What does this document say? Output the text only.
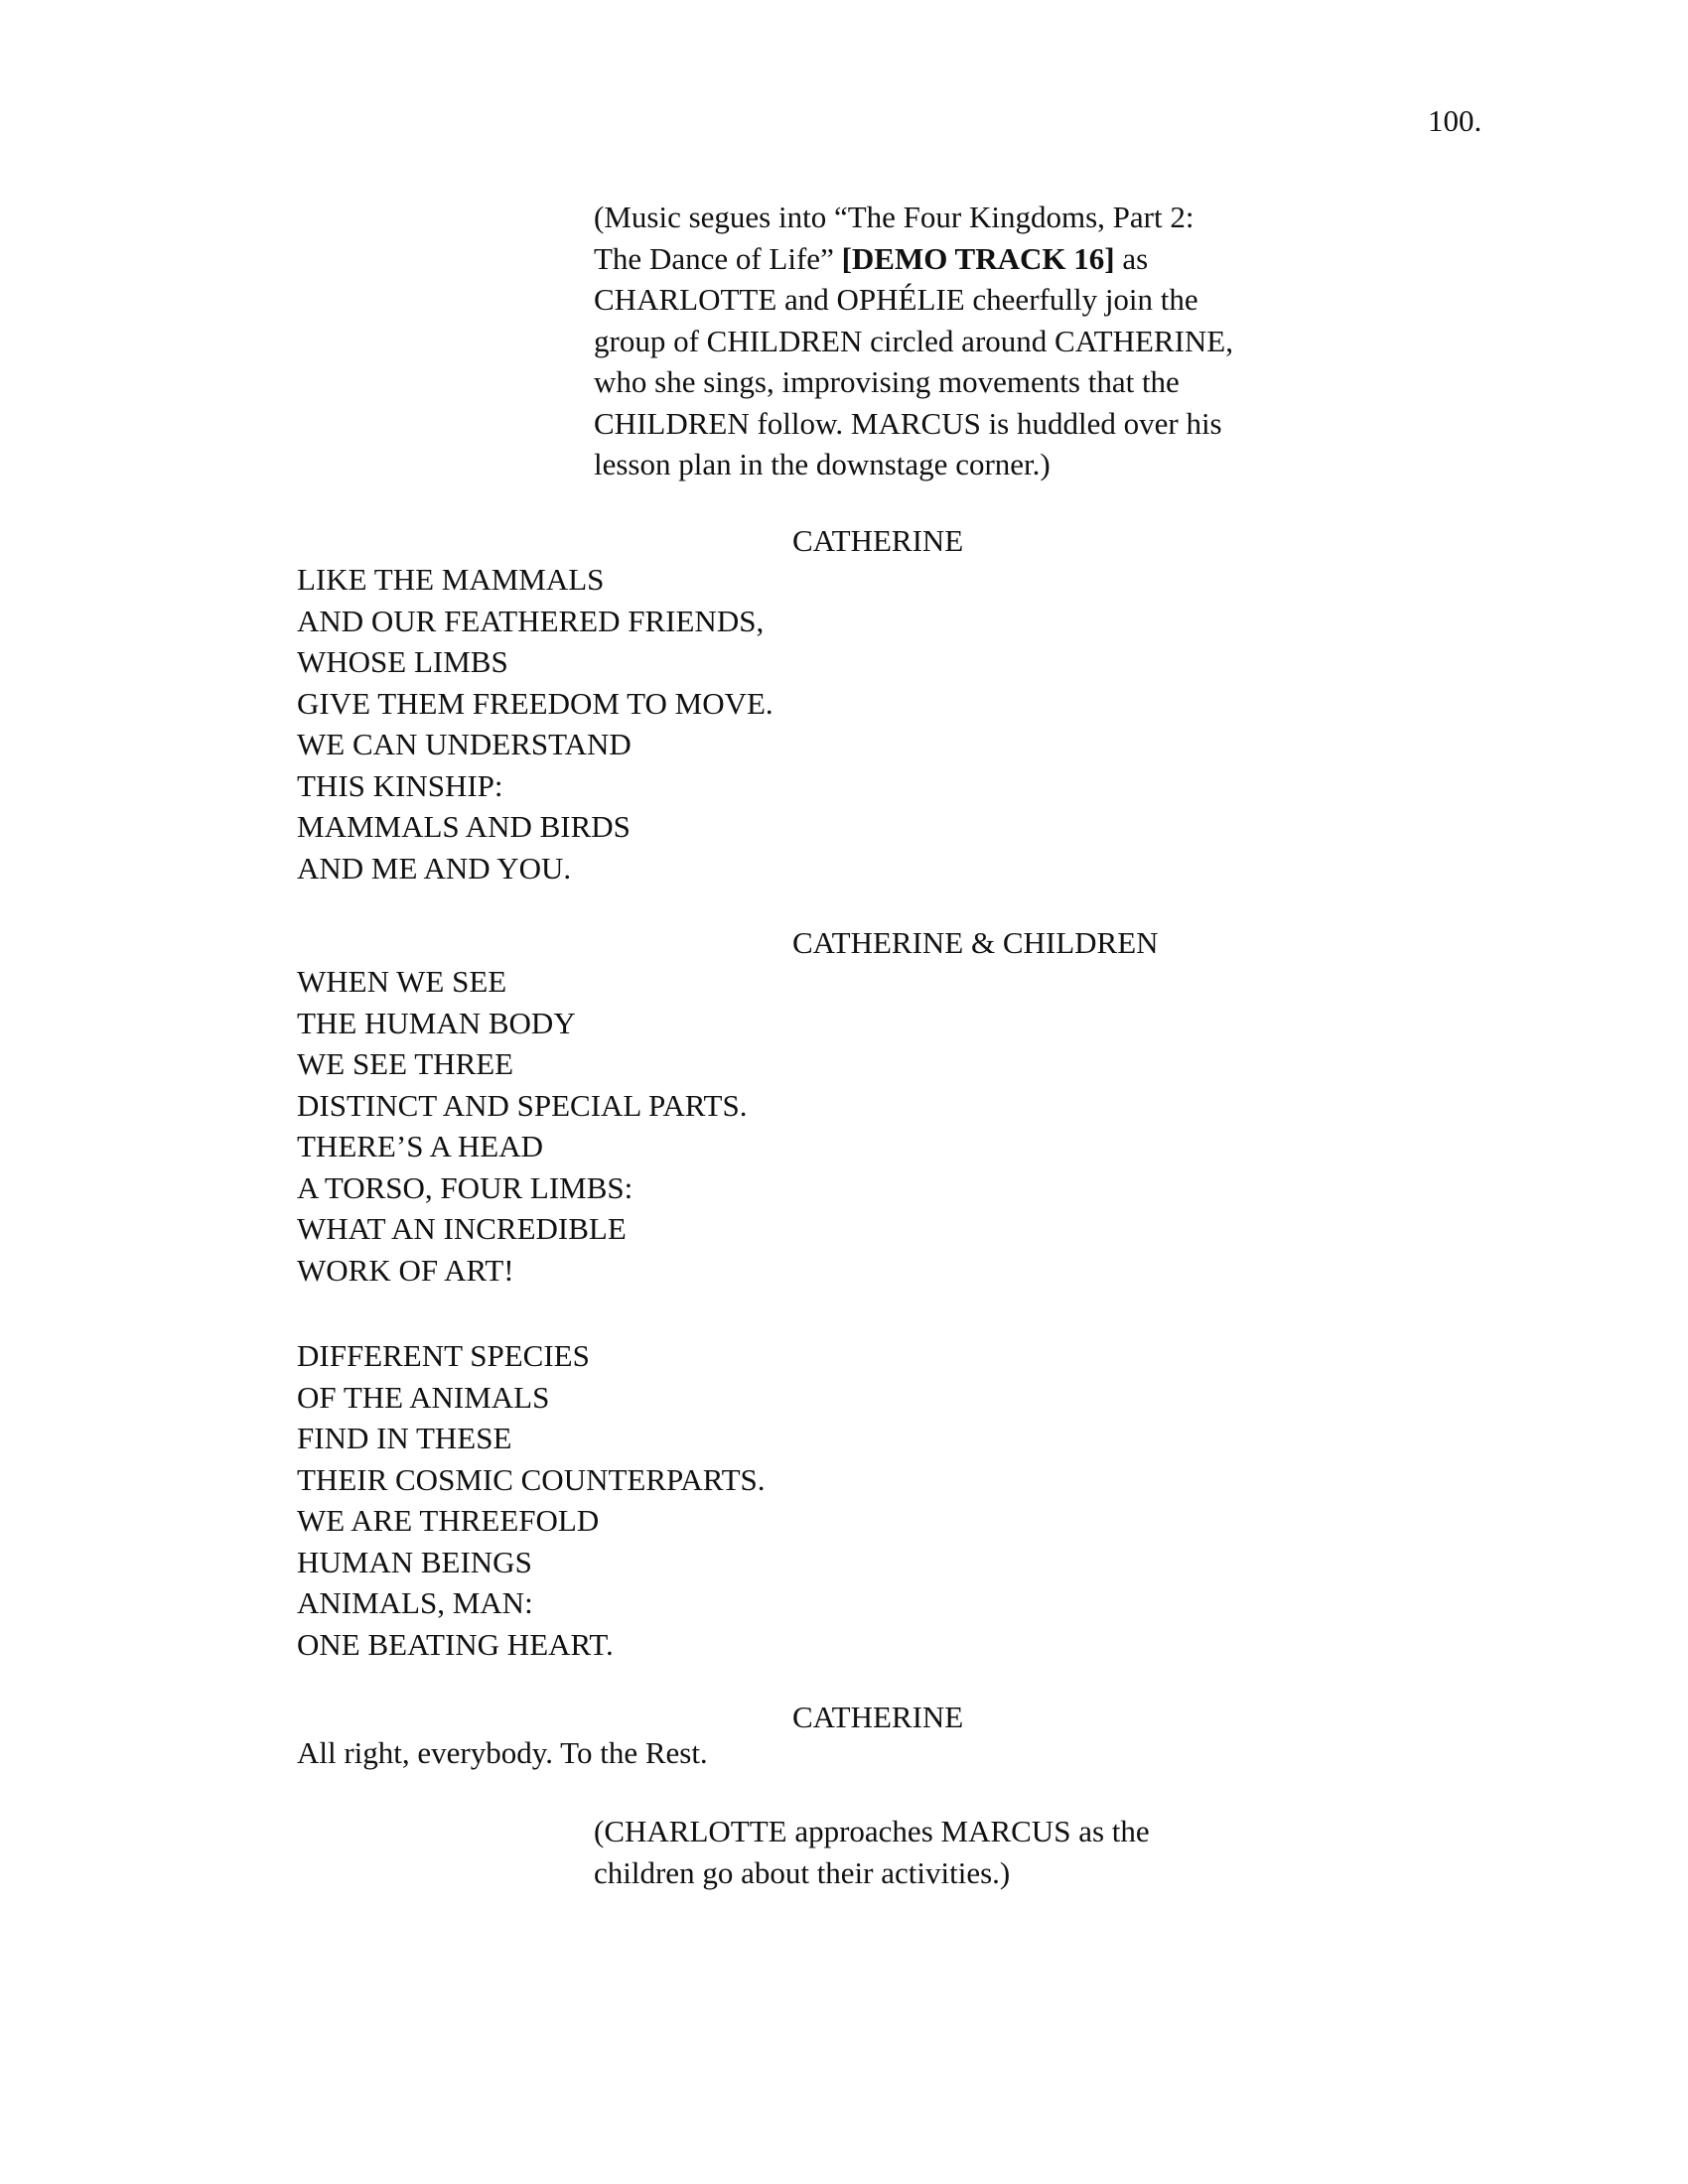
100.
(Music segues into “The Four Kingdoms, Part 2:
The Dance of Life” [DEMO TRACK 16] as
CHARLOTTE and OPHÉLIE cheerfully join the
group of CHILDREN circled around CATHERINE,
who she sings, improvising movements that the
CHILDREN follow. MARCUS is huddled over his
lesson plan in the downstage corner.)
CATHERINE
LIKE THE MAMMALS
AND OUR FEATHERED FRIENDS,
WHOSE LIMBS
GIVE THEM FREEDOM TO MOVE.
WE CAN UNDERSTAND
THIS KINSHIP:
MAMMALS AND BIRDS
AND ME AND YOU.
CATHERINE & CHILDREN
WHEN WE SEE
THE HUMAN BODY
WE SEE THREE
DISTINCT AND SPECIAL PARTS.
THERE’S A HEAD
A TORSO, FOUR LIMBS:
WHAT AN INCREDIBLE
WORK OF ART!
DIFFERENT SPECIES
OF THE ANIMALS
FIND IN THESE
THEIR COSMIC COUNTERPARTS.
WE ARE THREEFOLD
HUMAN BEINGS
ANIMALS, MAN:
ONE BEATING HEART.
CATHERINE
All right, everybody. To the Rest.
(CHARLOTTE approaches MARCUS as the
children go about their activities.)
